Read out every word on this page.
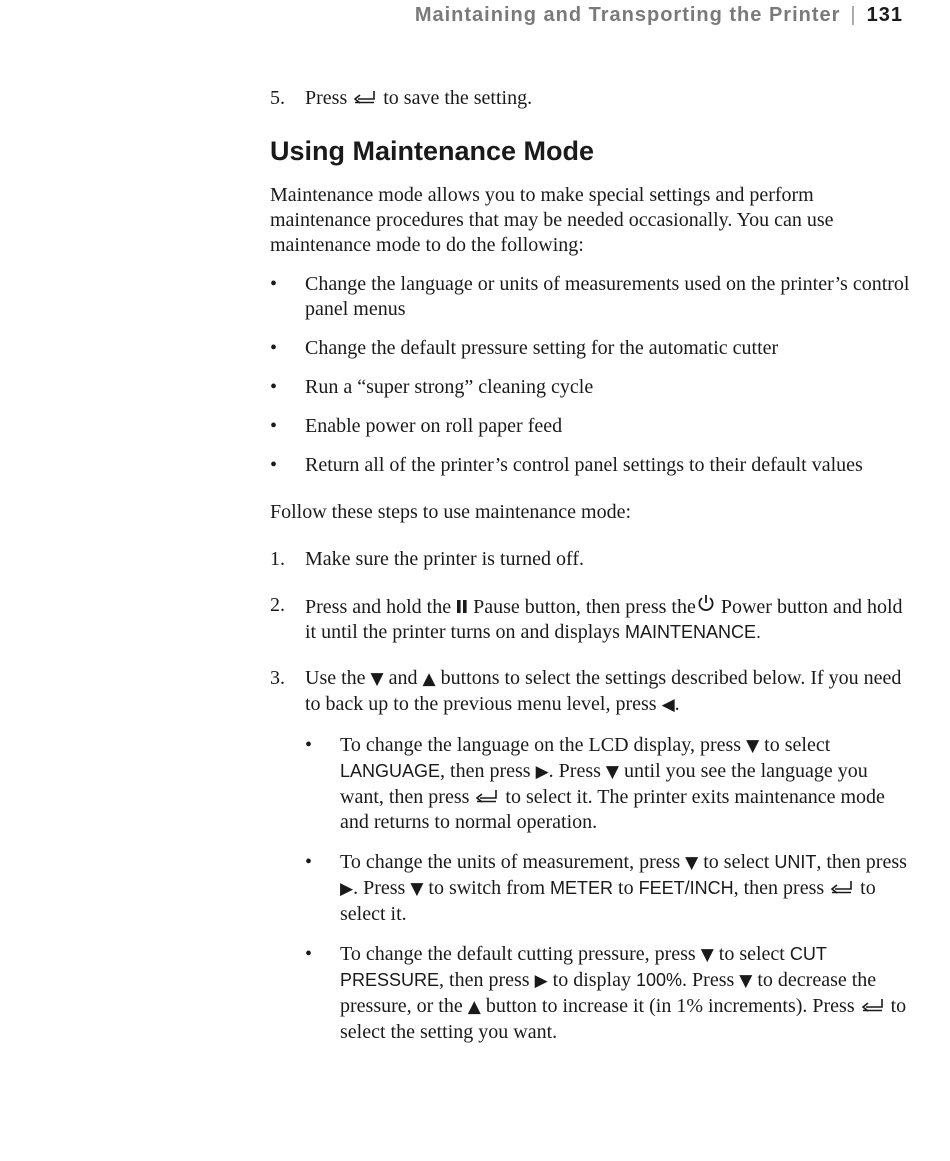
Maintaining and Transporting the Printer | 131
5. Press to save the setting.
Using Maintenance Mode
Maintenance mode allows you to make special settings and perform maintenance procedures that may be needed occasionally. You can use maintenance mode to do the following:
• Change the language or units of measurements used on the printer’s control panel menus
• Change the default pressure setting for the automatic cutter
• Run a “super strong” cleaning cycle
• Enable power on roll paper feed
• Return all of the printer’s control panel settings to their default values
Follow these steps to use maintenance mode:
1. Make sure the printer is turned off.
2. Press and hold the Pause button, then press the Power button and hold it until the printer turns on and displays MAINTENANCE.
3. Use the ▼ and ▲ buttons to select the settings described below. If you need to back up to the previous menu level, press ◀.
• To change the language on the LCD display, press ▼ to select LANGUAGE, then press ▶. Press ▼ until you see the language you want, then press to select it. The printer exits maintenance mode and returns to normal operation.
• To change the units of measurement, press ▼ to select UNIT, then press ▶. Press ▼ to switch from METER to FEET/INCH, then press to select it.
• To change the default cutting pressure, press ▼ to select CUT PRESSURE, then press ▶ to display 100%. Press ▼ to decrease the pressure, or the ▲ button to increase it (in 1% increments). Press to select the setting you want.
